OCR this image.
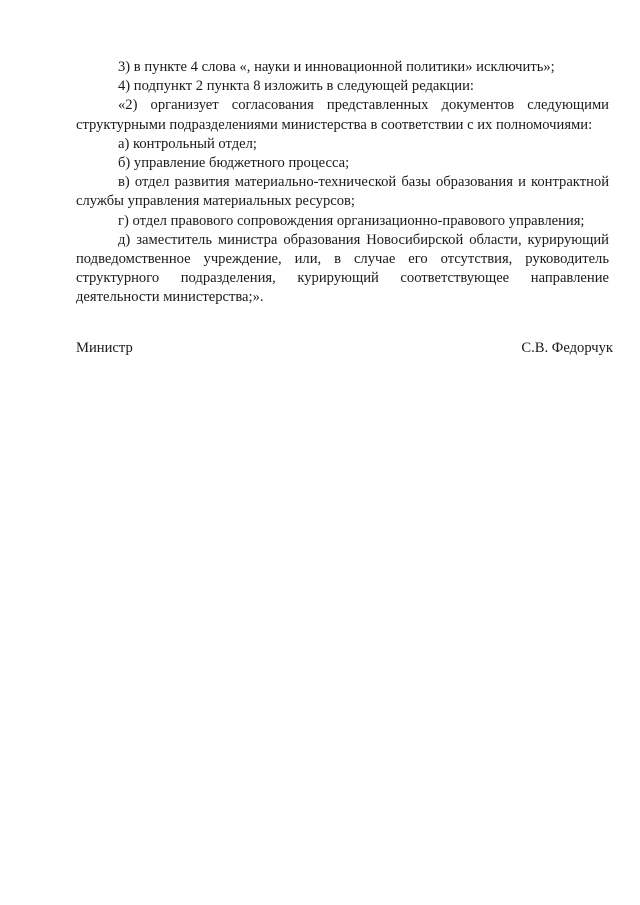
3) в пункте 4 слова «, науки и инновационной политики» исключить»;

4) подпункт 2 пункта 8 изложить в следующей редакции:

«2) организует согласования представленных документов следующими структурными подразделениями министерства в соответствии с их полномочиями:

а) контрольный отдел;

б) управление бюджетного процесса;

в) отдел развития материально-технической базы образования и контрактной службы управления материальных ресурсов;

г) отдел правового сопровождения организационно-правового управления;

д) заместитель министра образования Новосибирской области, курирующий подведомственное учреждение, или, в случае его отсутствия, руководитель структурного подразделения, курирующий соответствующее направление деятельности министерства;».

Министр	С.В. Федорчук
